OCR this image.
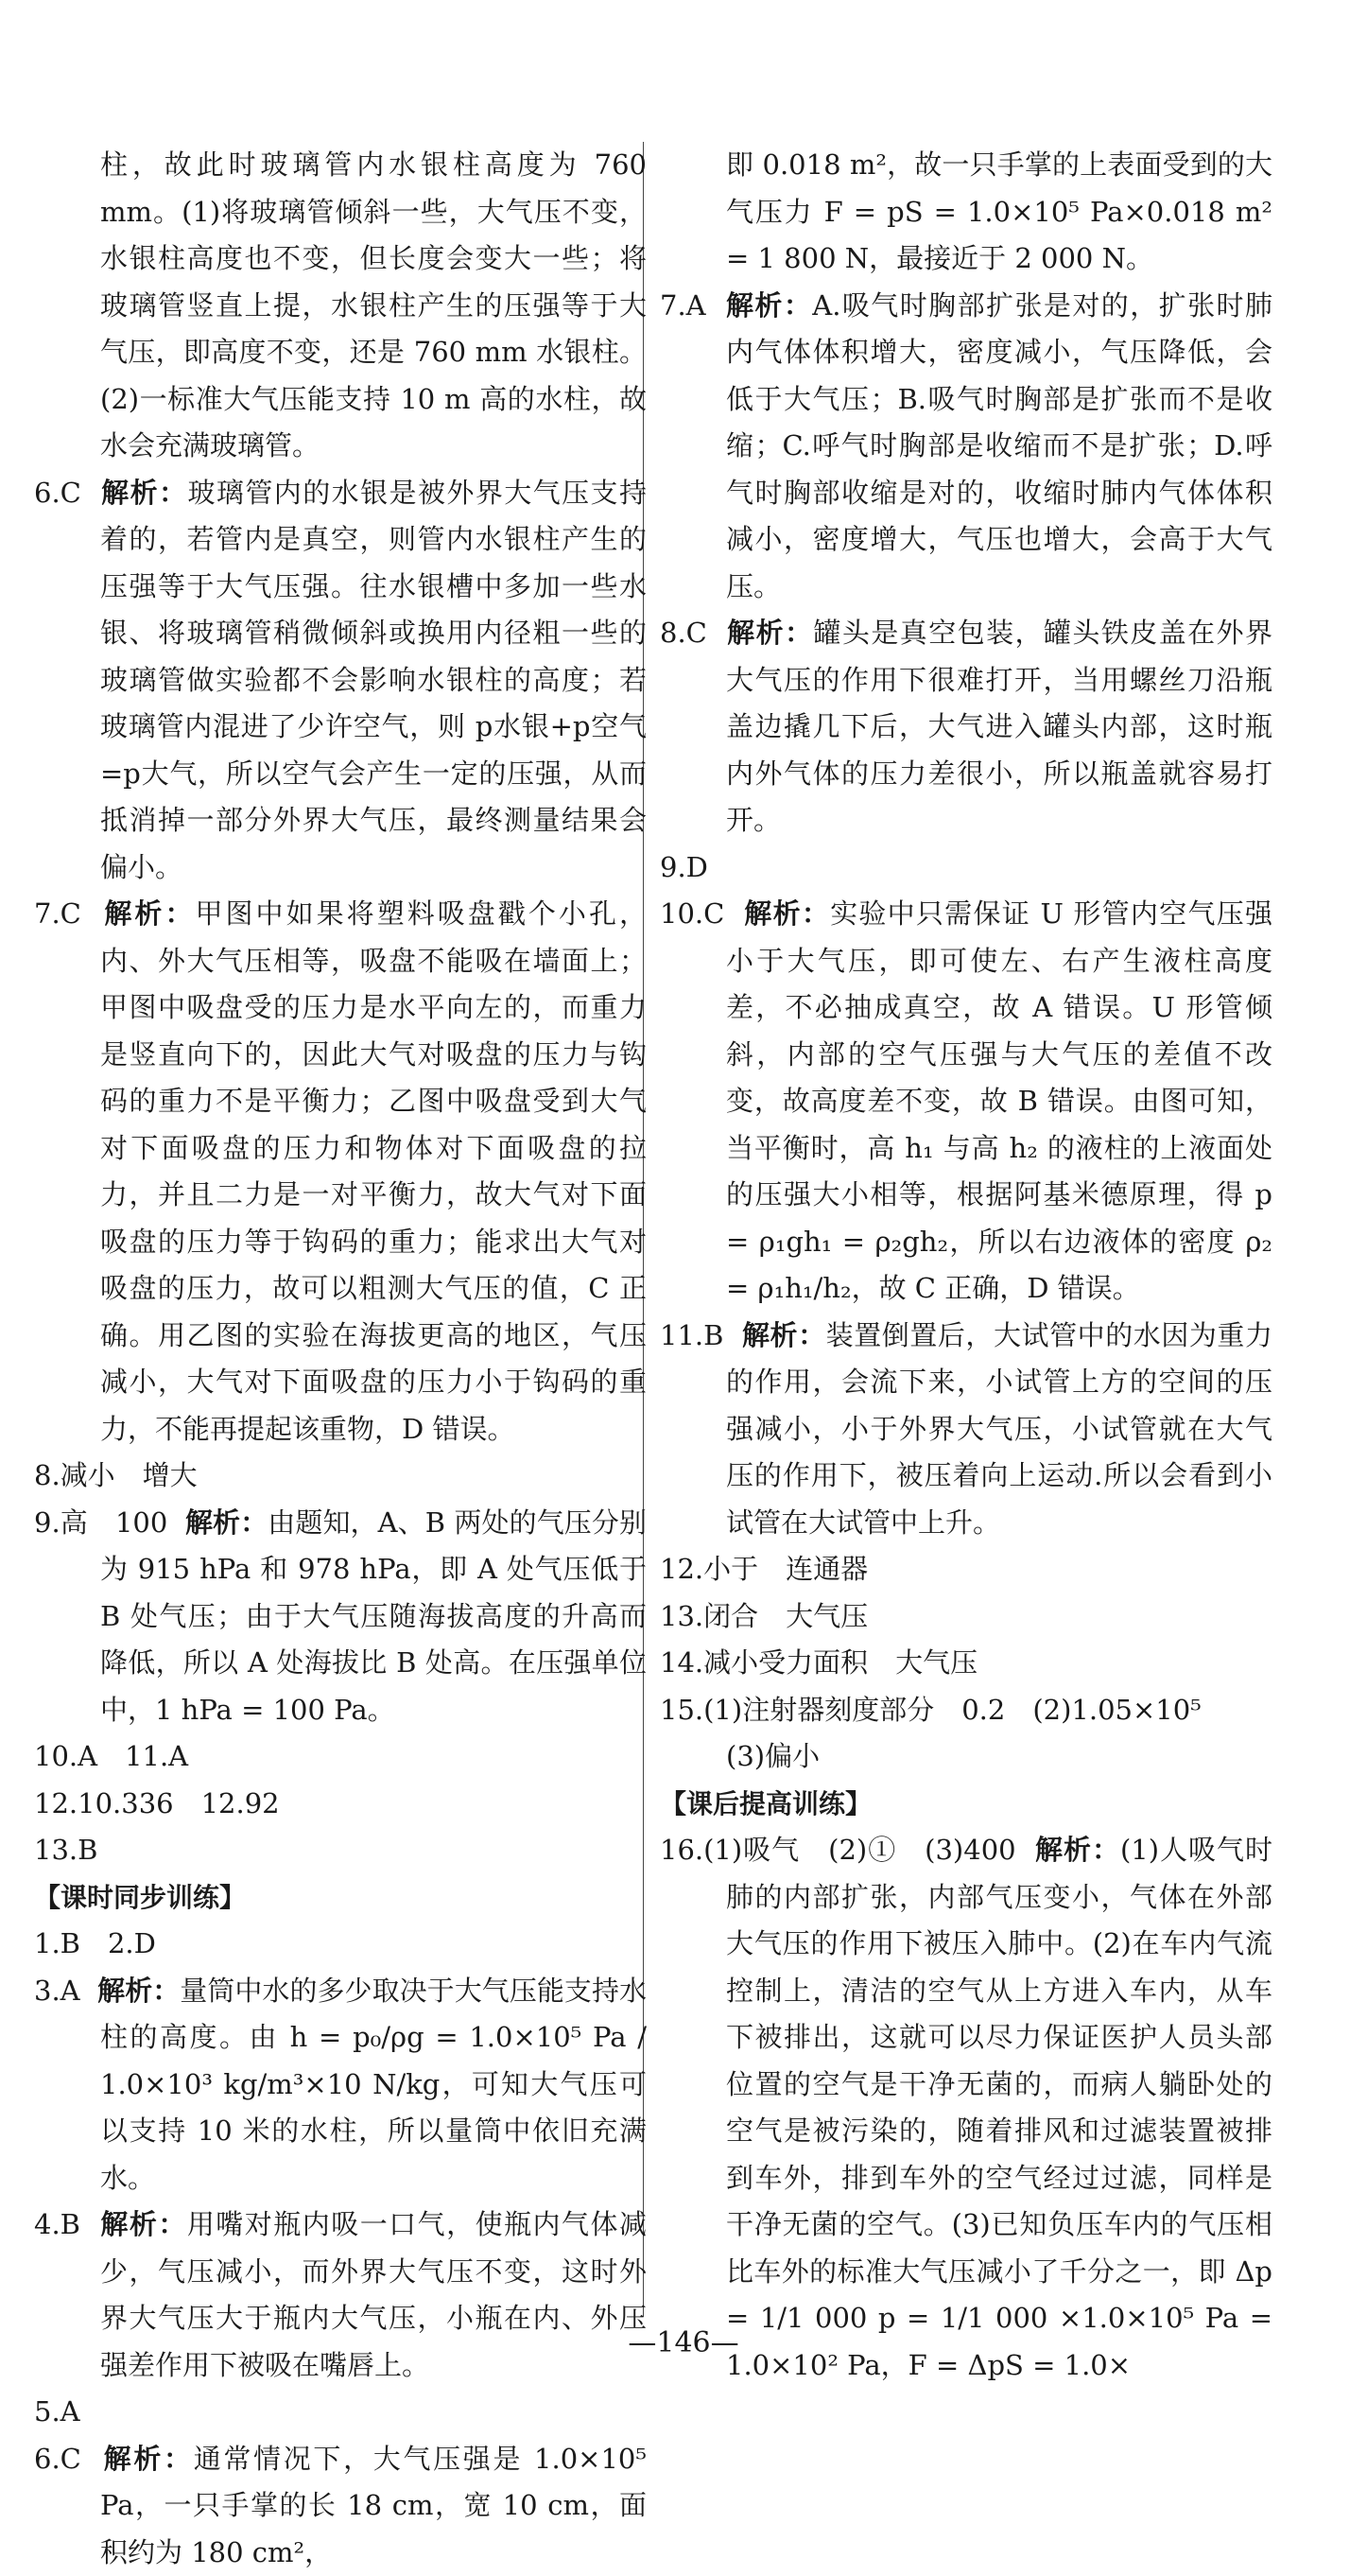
柱，故此时玻璃管内水银柱高度为 760 mm。(1)将玻璃管倾斜一些，大气压不变，水银柱高度也不变，但长度会变大一些；将玻璃管竖直上提，水银柱产生的压强等于大气压，即高度不变，还是 760 mm 水银柱。(2)一标准大气压能支持 10 m 高的水柱，故水会充满玻璃管。

6.C 解析：玻璃管内的水银是被外界大气压支持着的，若管内是真空，则管内水银柱产生的压强等于大气压强。往水银槽中多加一些水银、将玻璃管稍微倾斜或换用内径粗一些的玻璃管做实验都不会影响水银柱的高度；若玻璃管内混进了少许空气，则 p水银+p空气=p大气，所以空气会产生一定的压强，从而抵消掉一部分外界大气压，最终测量结果会偏小。

7.C 解析：甲图中如果将塑料吸盘戳个小孔，内、外大气压相等，吸盘不能吸在墙面上；甲图中吸盘受的压力是水平向左的，而重力是竖直向下的，因此大气对吸盘的压力与钩码的重力不是平衡力；乙图中吸盘受到大气对下面吸盘的压力和物体对下面吸盘的拉力，并且二力是一对平衡力，故大气对下面吸盘的压力等于钩码的重力；能求出大气对吸盘的压力，故可以粗测大气压的值，C 正确。用乙图的实验在海拔更高的地区，气压减小，大气对下面吸盘的压力小于钩码的重力，不能再提起该重物，D 错误。

8.减小　增大

9.高　100 解析：由题知，A、B 两处的气压分别为 915 hPa 和 978 hPa，即 A 处气压低于 B 处气压；由于大气压随海拔高度的升高而降低，所以 A 处海拔比 B 处高。在压强单位中，1 hPa = 100 Pa。

10.A　11.A

12.10.336　12.92

13.B

【课时同步训练】

1.B　2.D

3.A 解析：量筒中水的多少取决于大气压能支持水柱的高度。由 h = p₀/ρg = 1.0×10⁵ Pa / 1.0×10³ kg/m³×10 N/kg，可知大气压可以支持 10 米的水柱，所以量筒中依旧充满水。

4.B 解析：用嘴对瓶内吸一口气，使瓶内气体减少，气压减小，而外界大气压不变，这时外界大气压大于瓶内大气压，小瓶在内、外压强差作用下被吸在嘴唇上。

5.A

6.C 解析：通常情况下，大气压强是 1.0×10⁵ Pa，一只手掌的长 18 cm，宽 10 cm，面积约为 180 cm²，

即 0.018 m²，故一只手掌的上表面受到的大气压力 F = pS = 1.0×10⁵ Pa×0.018 m² = 1 800 N，最接近于 2 000 N。

7.A 解析：A.吸气时胸部扩张是对的，扩张时肺内气体体积增大，密度减小，气压降低，会低于大气压；B.吸气时胸部是扩张而不是收缩；C.呼气时胸部是收缩而不是扩张；D.呼气时胸部收缩是对的，收缩时肺内气体体积减小，密度增大，气压也增大，会高于大气压。

8.C 解析：罐头是真空包装，罐头铁皮盖在外界大气压的作用下很难打开，当用螺丝刀沿瓶盖边撬几下后，大气进入罐头内部，这时瓶内外气体的压力差很小，所以瓶盖就容易打开。

9.D

10.C 解析：实验中只需保证 U 形管内空气压强小于大气压，即可使左、右产生液柱高度差，不必抽成真空，故 A 错误。U 形管倾斜，内部的空气压强与大气压的差值不改变，故高度差不变，故 B 错误。由图可知，当平衡时，高 h₁ 与高 h₂ 的液柱的上液面处的压强大小相等，根据阿基米德原理，得 p = ρ₁gh₁ = ρ₂gh₂，所以右边液体的密度 ρ₂ = ρ₁h₁/h₂，故 C 正确，D 错误。

11.B 解析：装置倒置后，大试管中的水因为重力的作用，会流下来，小试管上方的空间的压强减小，小于外界大气压，小试管就在大气压的作用下，被压着向上运动.所以会看到小试管在大试管中上升。

12.小于　连通器

13.闭合　大气压

14.减小受力面积　大气压

15.(1)注射器刻度部分　0.2　(2)1.05×10⁵

(3)偏小

【课后提高训练】

16.(1)吸气　(2)①　(3)400 解析：(1)人吸气时肺的内部扩张，内部气压变小，气体在外部大气压的作用下被压入肺中。(2)在车内气流控制上，清洁的空气从上方进入车内，从车下被排出，这就可以尽力保证医护人员头部位置的空气是干净无菌的，而病人躺卧处的空气是被污染的，随着排风和过滤装置被排到车外，排到车外的空气经过过滤，同样是干净无菌的空气。(3)已知负压车内的气压相比车外的标准大气压减小了千分之一，即 Δp = 1/1 000 p = 1/1 000 ×1.0×10⁵ Pa = 1.0×10² Pa，F = ΔpS = 1.0×

—146—
